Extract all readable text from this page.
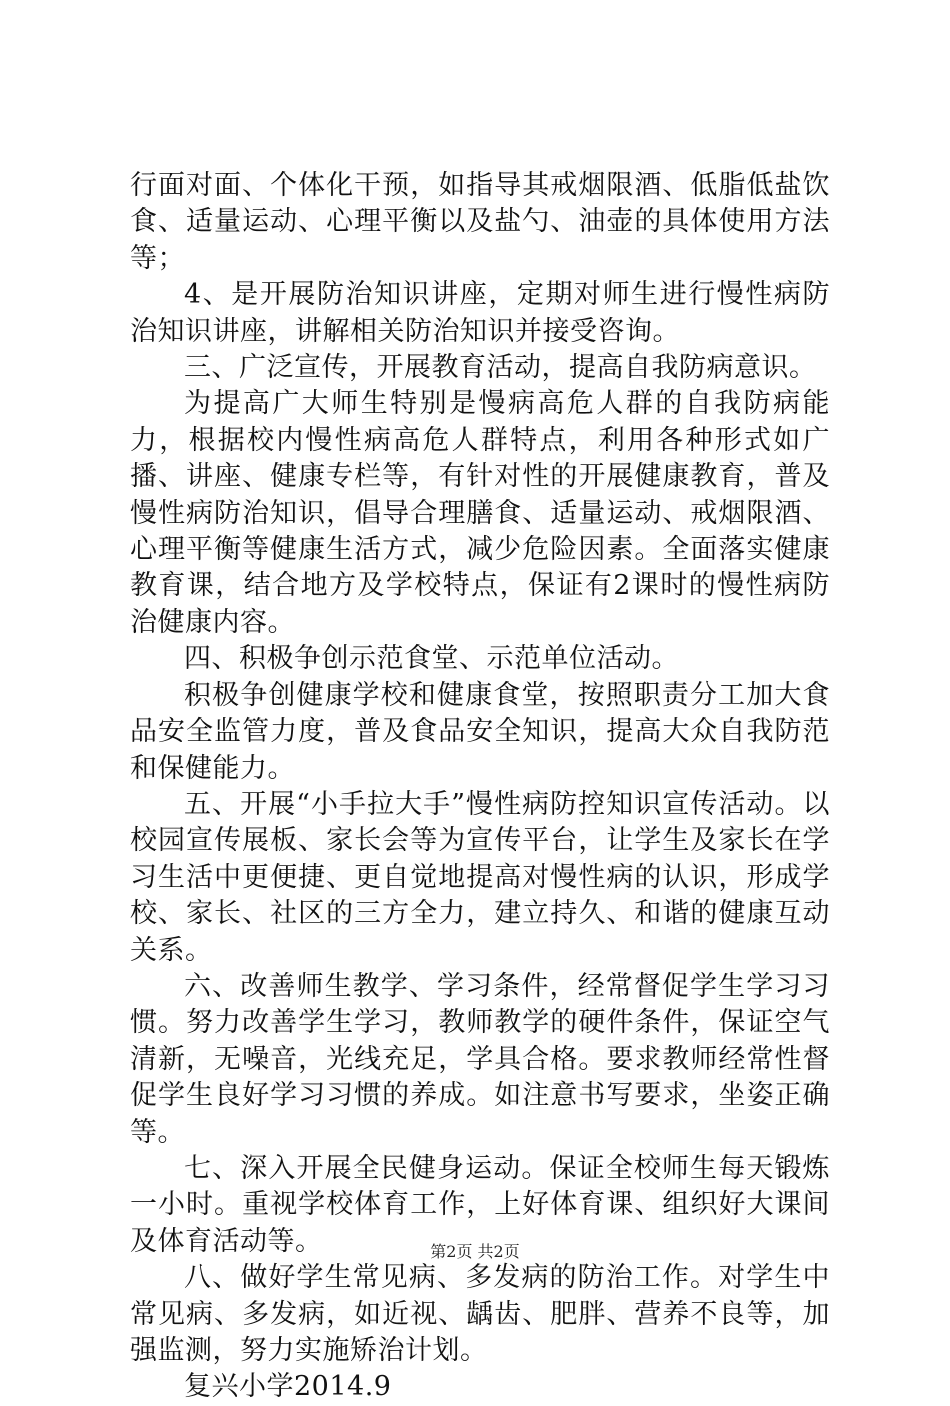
行面对面、个体化干预，如指导其戒烟限酒、低脂低盐饮食、适量运动、心理平衡以及盐勺、油壶的具体使用方法等；

4、是开展防治知识讲座，定期对师生进行慢性病防治知识讲座，讲解相关防治知识并接受咨询。

三、广泛宣传，开展教育活动，提高自我防病意识。

为提高广大师生特别是慢病高危人群的自我防病能力，根据校内慢性病高危人群特点，利用各种形式如广播、讲座、健康专栏等，有针对性的开展健康教育，普及慢性病防治知识，倡导合理膳食、适量运动、戒烟限酒、心理平衡等健康生活方式，减少危险因素。全面落实健康教育课，结合地方及学校特点，保证有2课时的慢性病防治健康内容。

四、积极争创示范食堂、示范单位活动。

积极争创健康学校和健康食堂，按照职责分工加大食品安全监管力度，普及食品安全知识，提高大众自我防范和保健能力。

五、开展“小手拉大手”慢性病防控知识宣传活动。以校园宣传展板、家长会等为宣传平台，让学生及家长在学习生活中更便捷、更自觉地提高对慢性病的认识，形成学校、家长、社区的三方全力，建立持久、和谐的健康互动关系。

六、改善师生教学、学习条件，经常督促学生学习习惯。努力改善学生学习，教师教学的硬件条件，保证空气清新，无噪音，光线充足，学具合格。要求教师经常性督促学生良好学习习惯的养成。如注意书写要求，坐姿正确等。

七、深入开展全民健身运动。保证全校师生每天锻炼一小时。重视学校体育工作，上好体育课、组织好大课间及体育活动等。

八、做好学生常见病、多发病的防治工作。对学生中常见病、多发病，如近视、龋齿、肥胖、营养不良等，加强监测，努力实施矫治计划。

复兴小学2014.9

第2页 共2页
